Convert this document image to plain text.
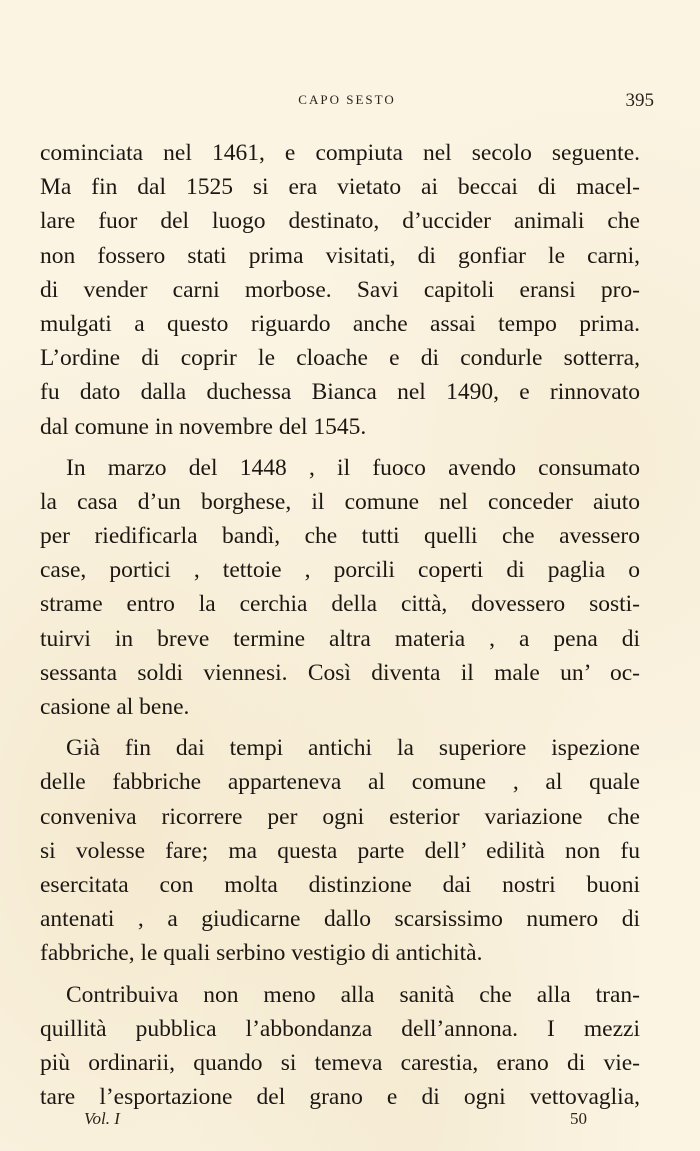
CAPO SESTO	395
cominciata nel 1461, e compiuta nel secolo seguente.
Ma fin dal 1525 si era vietato ai beccai di macel-
lare fuor del luogo destinato, d’uccider animali che
non fossero stati prima visitati, di gonfiar le carni,
di vender carni morbose. Savi capitoli eransi pro-
mulgati a questo riguardo anche assai tempo prima.
L’ordine di coprir le cloache e di condurle sotterra,
fu dato dalla duchessa Bianca nel 1490, e rinnovato
dal comune in novembre del 1545.
In marzo del 1448 , il fuoco avendo consumato
la casa d’un borghese, il comune nel conceder aiuto
per riedificarla bandì, che tutti quelli che avessero
case, portici , tettoie , porcili coperti di paglia o
strame entro la cerchia della città, dovessero sosti-
tuirvi in breve termine altra materia , a pena di
sessanta soldi viennesi. Così diventa il male un’ oc-
casione al bene.
Già fin dai tempi antichi la superiore ispezione
delle fabbriche apparteneva al comune , al quale
conveniva ricorrere per ogni esterior variazione che
si volesse fare; ma questa parte dell’ edilità non fu
esercitata con molta distinzione dai nostri buoni
antenati , a giudicarne dallo scarsissimo numero di
fabbriche, le quali serbino vestigio di antichità.
Contribuiva non meno alla sanità che alla tran-
quillità pubblica l’abbondanza dell’annona. I mezzi
più ordinarii, quando si temeva carestia, erano di vie-
tare l’esportazione del grano e di ogni vettovaglia,
Vol. I	50
